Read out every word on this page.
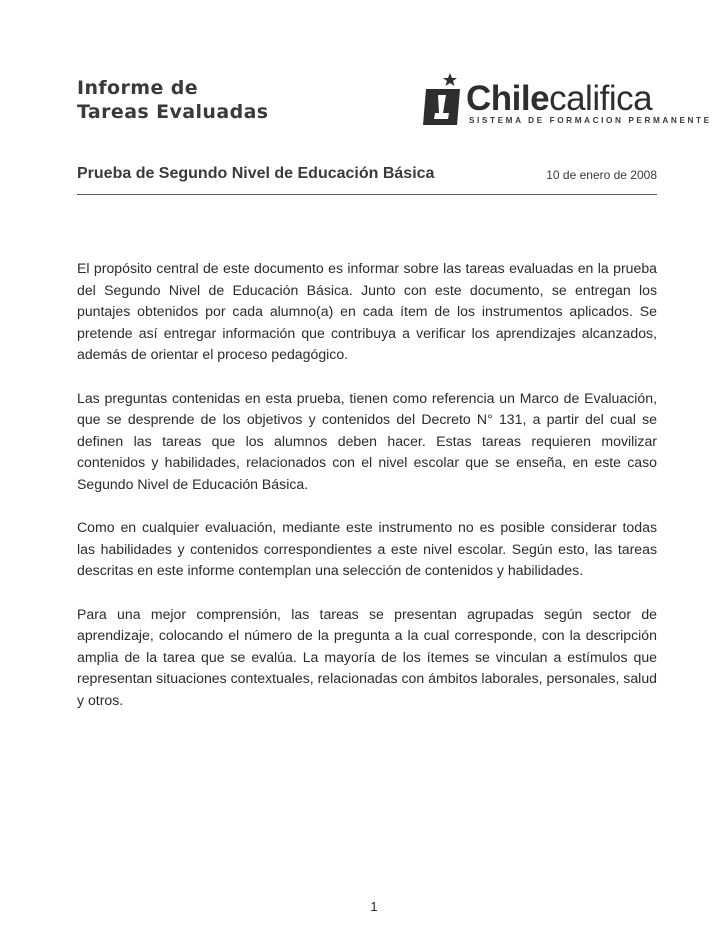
Informe de
Tareas Evaluadas	Chilecalifica
SISTEMA DE FORMACION PERMANENTE
Prueba de Segundo Nivel de Educación Básica	10 de enero de 2008

El propósito central de este documento es informar sobre las tareas evaluadas en la prueba del Segundo Nivel de Educación Básica. Junto con este documento, se entregan los puntajes obtenidos por cada alumno(a) en cada ítem de los instrumentos aplicados. Se pretende así entregar información que contribuya a verificar los aprendizajes alcanzados, además de orientar el proceso pedagógico.

Las preguntas contenidas en esta prueba, tienen como referencia un Marco de Evaluación, que se desprende de los objetivos y contenidos del Decreto N° 131, a partir del cual se definen las tareas que los alumnos deben hacer. Estas tareas requieren movilizar contenidos y habilidades, relacionados con el nivel escolar que se enseña, en este caso Segundo Nivel de Educación Básica.

Como en cualquier evaluación, mediante este instrumento no es posible considerar todas las habilidades y contenidos correspondientes a este nivel escolar. Según esto, las tareas descritas en este informe contemplan una selección de contenidos y habilidades.

Para una mejor comprensión, las tareas se presentan agrupadas según sector de aprendizaje, colocando el número de la pregunta a la cual corresponde, con la descripción amplia de la tarea que se evalúa. La mayoría de los ítemes se vinculan a estímulos que representan situaciones contextuales, relacionadas con ámbitos laborales, personales, salud y otros.

1
